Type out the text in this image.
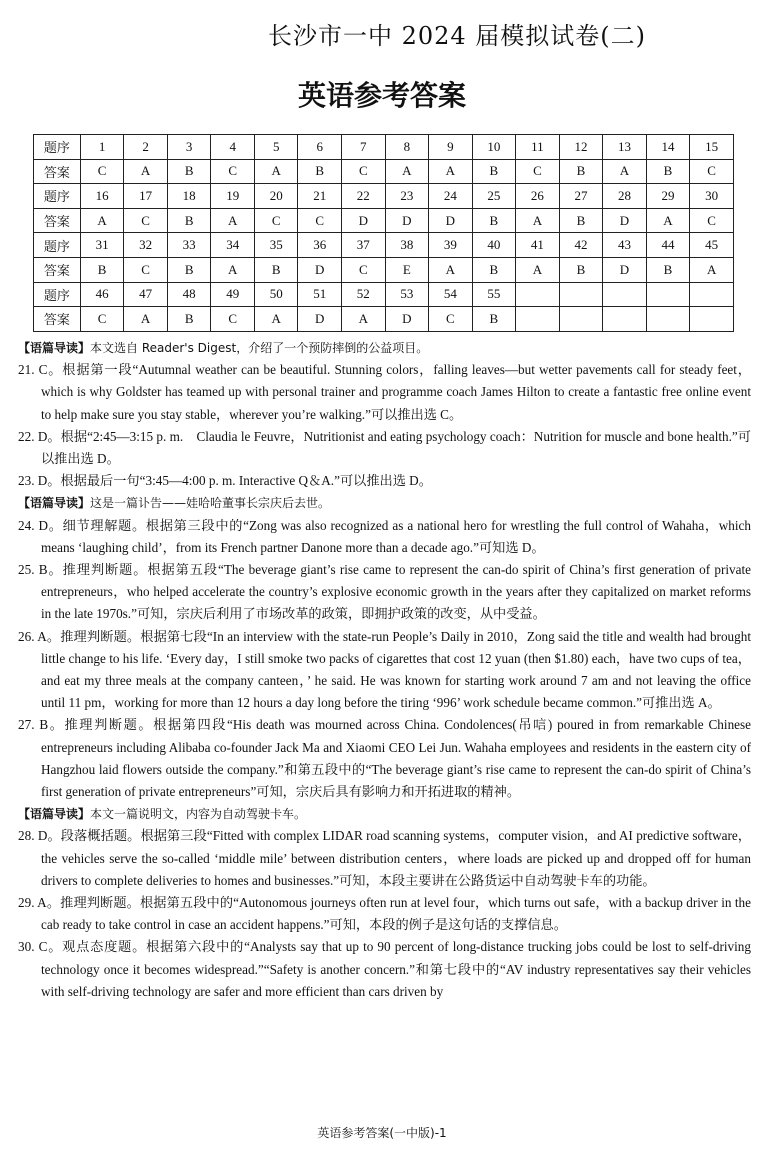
长沙市一中 2024 届模拟试卷(二)
英语参考答案
题序	1	2	3	4	5	6	7	8	9	10	11	12	13	14	15
答案	C	A	B	C	A	B	C	A	A	B	C	B	A	B	C
题序	16	17	18	19	20	21	22	23	24	25	26	27	28	29	30
答案	A	C	B	A	C	C	D	D	D	B	A	B	D	A	C
题序	31	32	33	34	35	36	37	38	39	40	41	42	43	44	45
答案	B	C	B	A	B	D	C	E	A	B	A	B	D	B	A
题序	46	47	48	49	50	51	52	53	54	55					
答案	C	A	B	C	A	D	A	D	C	B					

【语篇导读】本文选自 Reader's Digest，介绍了一个预防摔倒的公益项目。

21. C。根据第一段“Autumnal weather can be beautiful. Stunning colors，falling leaves—but wetter pavements call for steady feet，which is why Goldster has teamed up with personal trainer and programme coach James Hilton to create a fantastic free online event to help make sure you stay stable，wherever you’re walking.”可以推出选 C。

22. D。根据“2:45—3:15 p. m.　Claudia le Feuvre，Nutritionist and eating psychology coach：Nutrition for muscle and bone health.”可以推出选 D。

23. D。根据最后一句“3:45—4:00 p. m. Interactive Q＆A.”可以推出选 D。

【语篇导读】这是一篇讣告——娃哈哈董事长宗庆后去世。

24. D。细节理解题。根据第三段中的“Zong was also recognized as a national hero for wrestling the full control of Wahaha，which means ‘laughing child’，from its French partner Danone more than a decade ago.”可知选 D。

25. B。推理判断题。根据第五段“The beverage giant’s rise came to represent the can-do spirit of China’s first generation of private entrepreneurs，who helped accelerate the country’s explosive economic growth in the years after they capitalized on market reforms in the late 1970s.”可知，宗庆后利用了市场改革的政策，即拥护政策的改变，从中受益。

26. A。推理判断题。根据第七段“In an interview with the state-run People’s Daily in 2010，Zong said the title and wealth had brought little change to his life. ‘Every day，I still smoke two packs of cigarettes that cost 12 yuan (then $1.80) each，have two cups of tea，and eat my three meals at the company canteen，’ he said. He was known for starting work around 7 am and not leaving the office until 11 pm，working for more than 12 hours a day long before the tiring ‘996’ work schedule became common.”可推出选 A。

27. B。推理判断题。根据第四段“His death was mourned across China. Condolences(吊唁) poured in from remarkable Chinese entrepreneurs including Alibaba co-founder Jack Ma and Xiaomi CEO Lei Jun. Wahaha employees and residents in the eastern city of Hangzhou laid flowers outside the company.”和第五段中的“The beverage giant’s rise came to represent the can-do spirit of China’s first generation of private entrepreneurs”可知，宗庆后具有影响力和开拓进取的精神。

【语篇导读】本文一篇说明文，内容为自动驾驶卡车。

28. D。段落概括题。根据第三段“Fitted with complex LIDAR road scanning systems，computer vision，and AI predictive software，the vehicles serve the so-called ‘middle mile’ between distribution centers，where loads are picked up and dropped off for human drivers to complete deliveries to homes and businesses.”可知，本段主要讲在公路货运中自动驾驶卡车的功能。

29. A。推理判断题。根据第五段中的“Autonomous journeys often run at level four，which turns out safe，with a backup driver in the cab ready to take control in case an accident happens.”可知，本段的例子是这句话的支撑信息。

30. C。观点态度题。根据第六段中的“Analysts say that up to 90 percent of long-distance trucking jobs could be lost to self-driving technology once it becomes widespread.”“Safety is another concern.”和第七段中的“AV industry representatives say their vehicles with self-driving technology are safer and more efficient than cars driven by

英语参考答案(一中版)-1
